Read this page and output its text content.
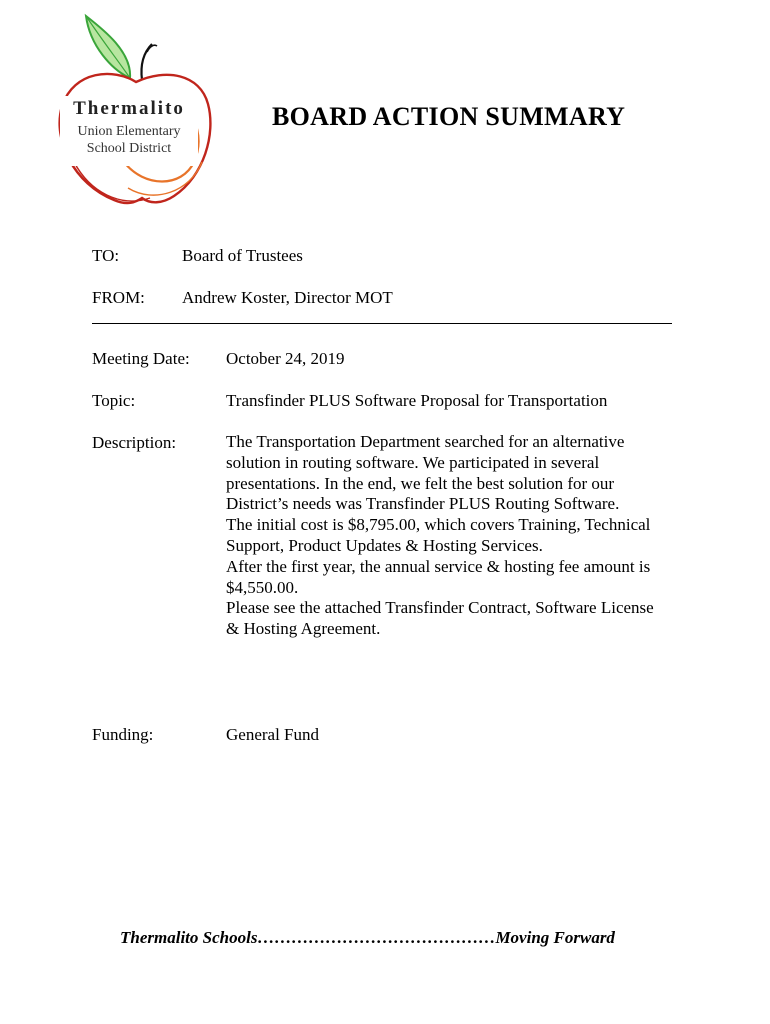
Thermalito
Union Elementary
School District
BOARD ACTION SUMMARY
TO:	Board of Trustees
FROM: Andrew Koster, Director MOT
Meeting Date: October 24, 2019
Topic:	Transfinder PLUS Software Proposal for Transportation
Description:	The Transportation Department searched for an alternative
solution in routing software. We participated in several
presentations. In the end, we felt the best solution for our
District’s needs was Transfinder PLUS Routing Software.
The initial cost is $8,795.00, which covers Training, Technical
Support, Product Updates & Hosting Services.
After the first year, the annual service & hosting fee amount is
$4,550.00.
Please see the attached Transfinder Contract, Software License
& Hosting Agreement.
Funding:	General Fund
Thermalito Schools……………………………………Moving Forward
